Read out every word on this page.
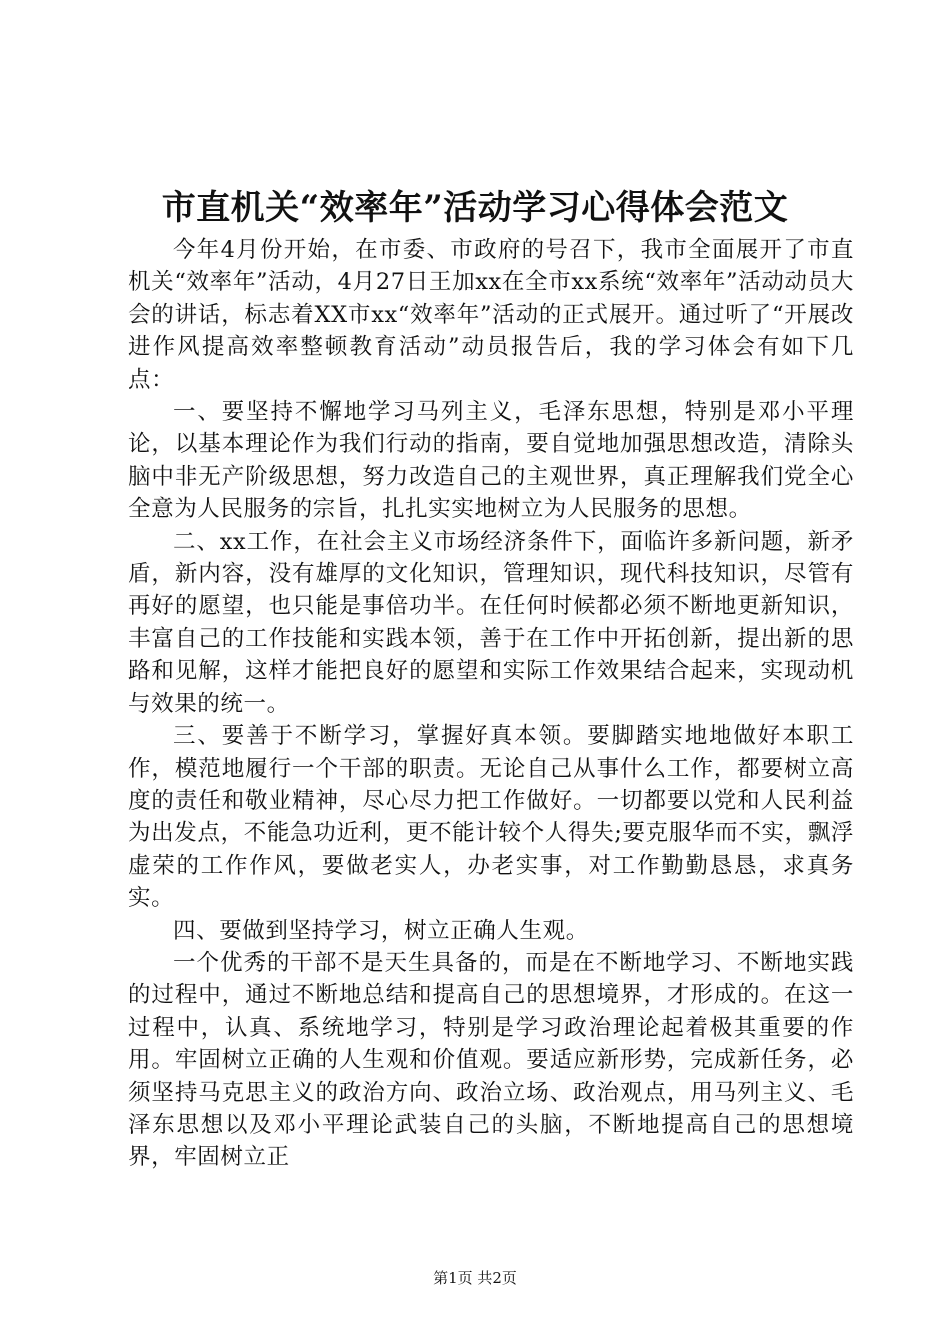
市直机关“效率年”活动学习心得体会范文

今年4月份开始，在市委、市政府的号召下，我市全面展开了市直机关“效率年”活动，4月27日王加xx在全市xx系统“效率年”活动动员大会的讲话，标志着XX市xx“效率年”活动的正式展开。通过听了“开展改进作风提高效率整顿教育活动”动员报告后，我的学习体会有如下几点：

一、要坚持不懈地学习马列主义，毛泽东思想，特别是邓小平理论，以基本理论作为我们行动的指南，要自觉地加强思想改造，清除头脑中非无产阶级思想，努力改造自己的主观世界，真正理解我们党全心全意为人民服务的宗旨，扎扎实实地树立为人民服务的思想。

二、xx工作，在社会主义市场经济条件下，面临许多新问题，新矛盾，新内容，没有雄厚的文化知识，管理知识，现代科技知识，尽管有再好的愿望，也只能是事倍功半。在任何时候都必须不断地更新知识，丰富自己的工作技能和实践本领，善于在工作中开拓创新，提出新的思路和见解，这样才能把良好的愿望和实际工作效果结合起来，实现动机与效果的统一。

三、要善于不断学习，掌握好真本领。要脚踏实地地做好本职工作，模范地履行一个干部的职责。无论自己从事什么工作，都要树立高度的责任和敬业精神，尽心尽力把工作做好。一切都要以党和人民利益为出发点，不能急功近利，更不能计较个人得失;要克服华而不实，飘浮虚荣的工作作风，要做老实人，办老实事，对工作勤勤恳恳，求真务实。

四、要做到坚持学习，树立正确人生观。

一个优秀的干部不是天生具备的，而是在不断地学习、不断地实践的过程中，通过不断地总结和提高自己的思想境界，才形成的。在这一过程中，认真、系统地学习，特别是学习政治理论起着极其重要的作用。牢固树立正确的人生观和价值观。要适应新形势，完成新任务，必须坚持马克思主义的政治方向、政治立场、政治观点，用马列主义、毛泽东思想以及邓小平理论武装自己的头脑，不断地提高自己的思想境界，牢固树立正

第1页 共2页
